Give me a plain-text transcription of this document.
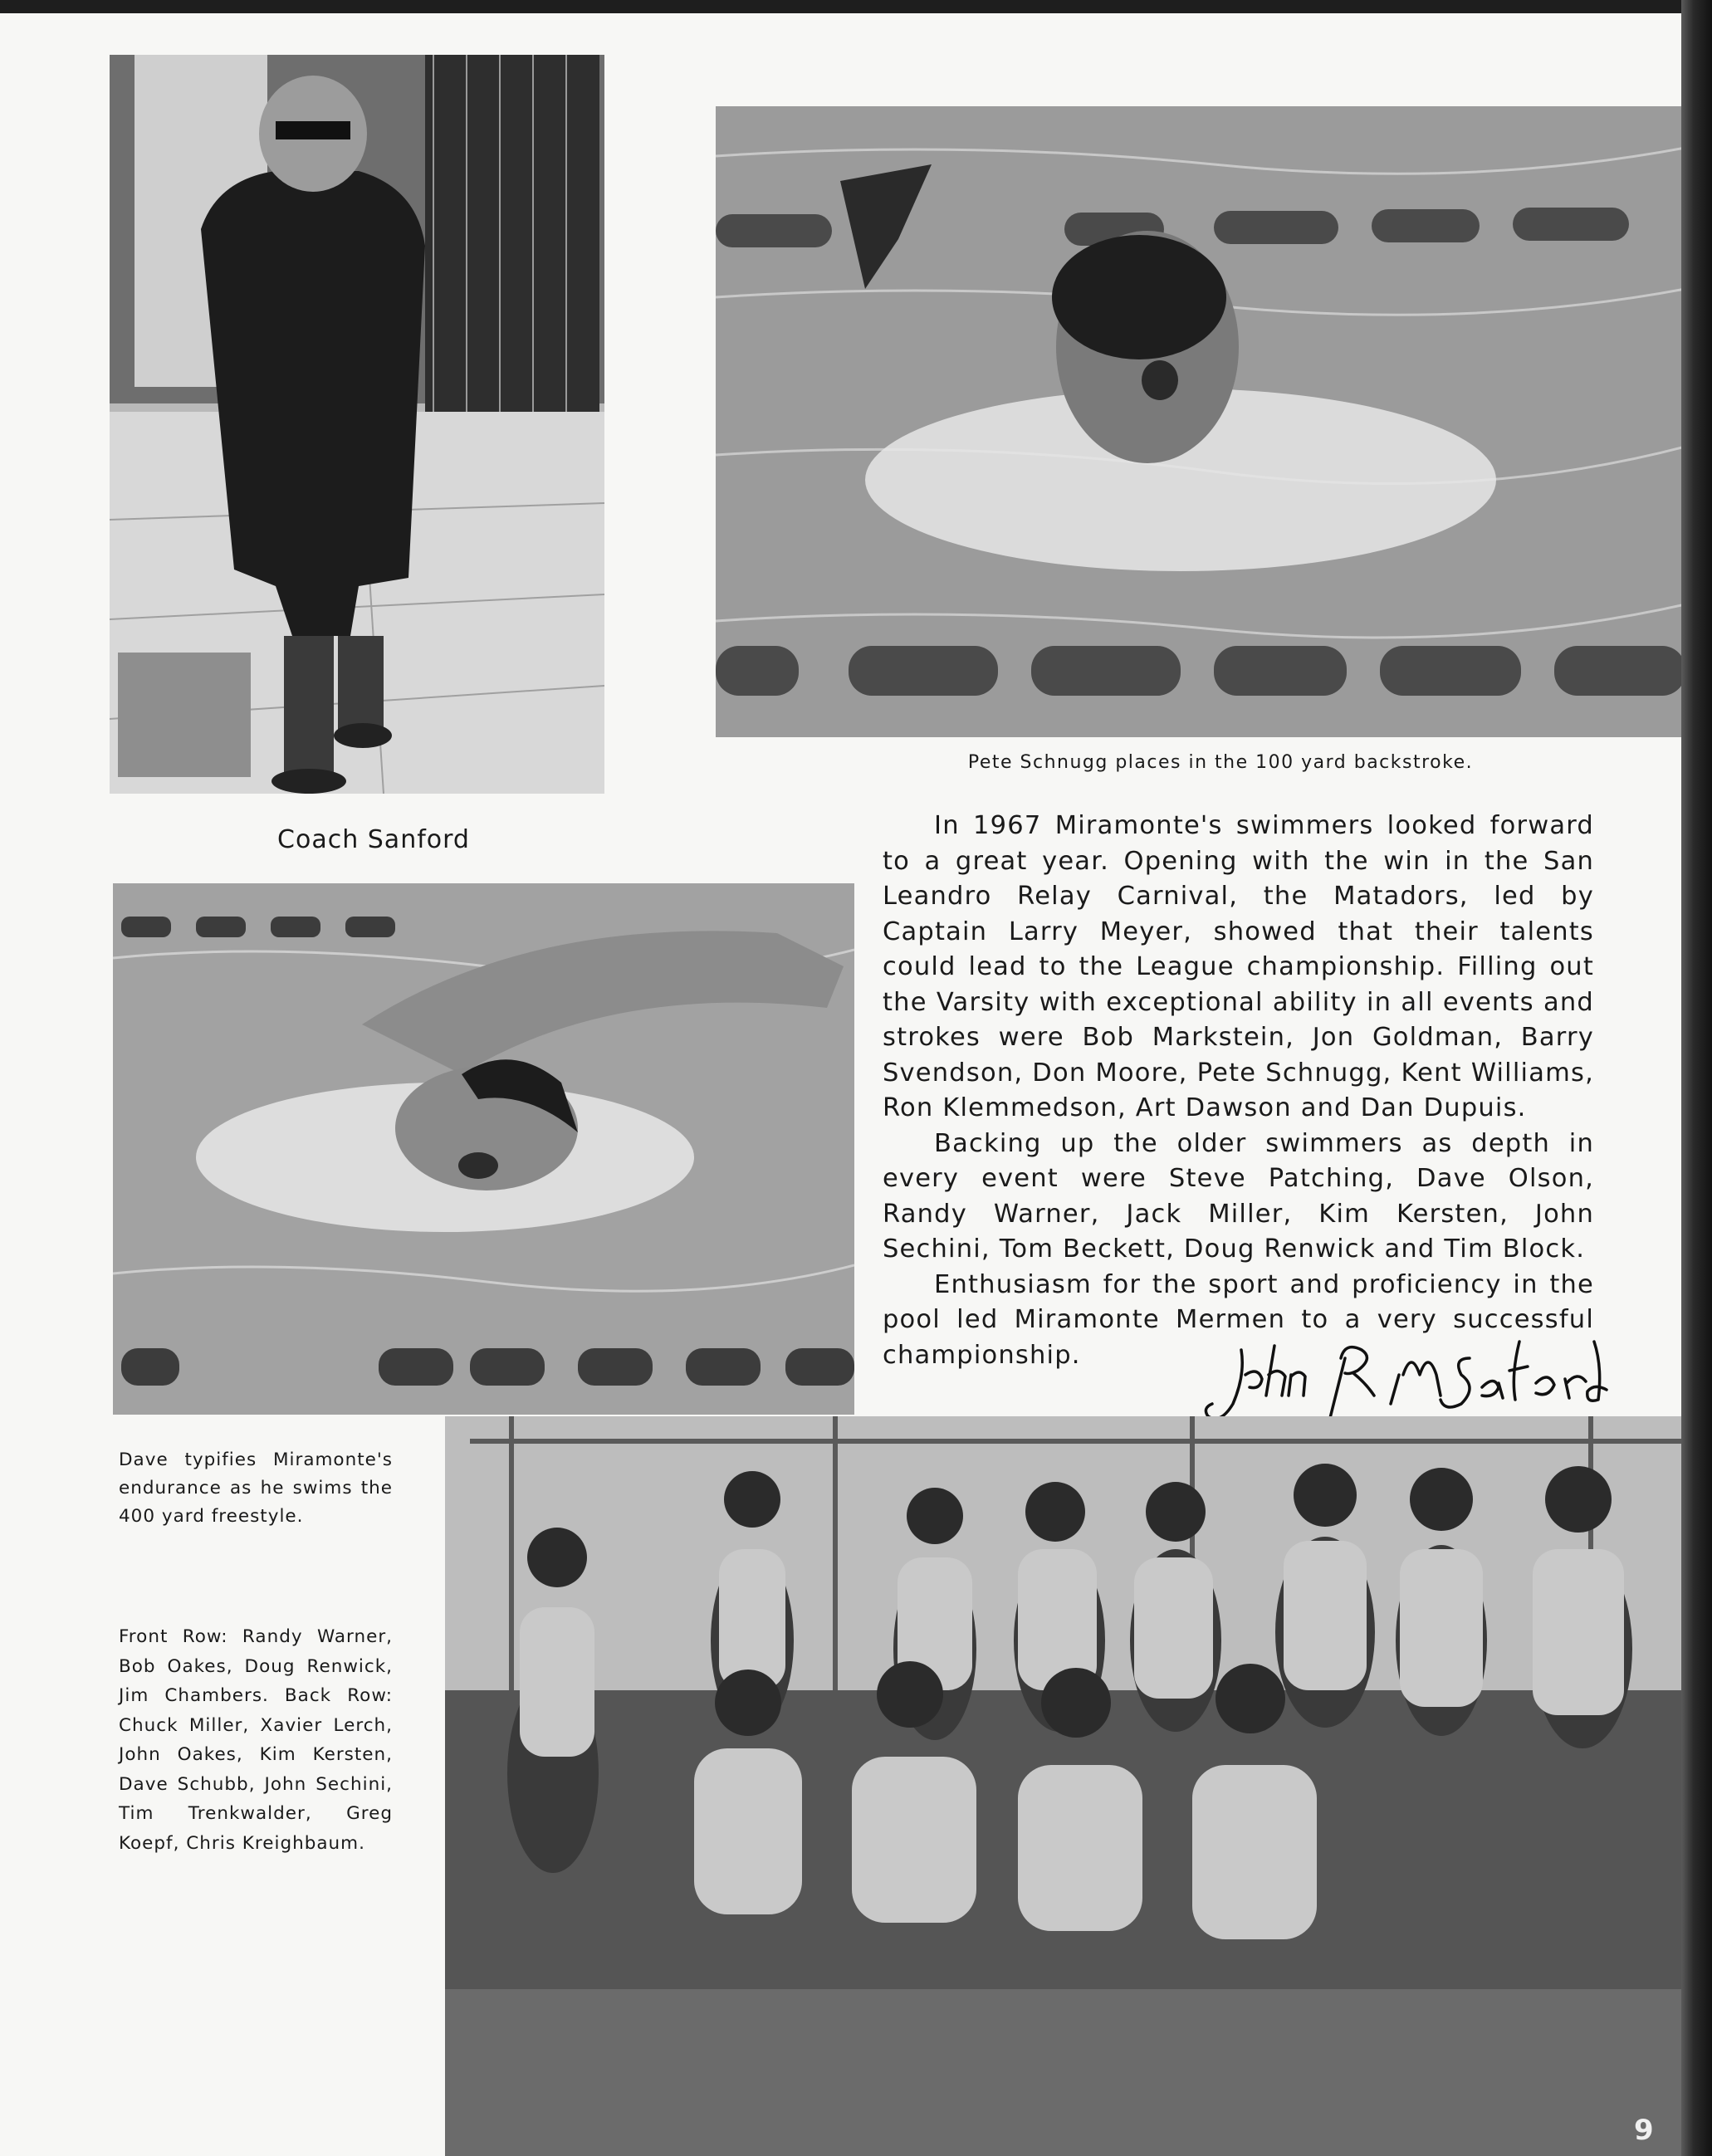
Coach Sanford
Pete Schnugg places in the 100 yard backstroke.
Dave typifies Miramonte's endurance as he swims the 400 yard freestyle.

In 1967 Miramonte's swimmers looked forward to a great year. Opening with the win in the San Leandro Relay Carnival, the Matadors, led by Captain Larry Meyer, showed that their talents could lead to the League championship. Filling out the Varsity with exceptional ability in all events and strokes were Bob Markstein, Jon Goldman, Barry Svendson, Don Moore, Pete Schnugg, Kent Williams, Ron Klemmedson, Art Dawson and Dan Dupuis.

Backing up the older swimmers as depth in every event were Steve Patching, Dave Olson, Randy Warner, Jack Miller, Kim Kersten, John Sechini, Tom Beckett, Doug Renwick and Tim Block.

Enthusiasm for the sport and proficiency in the pool led Miramonte Mermen to a very successful championship.

Front Row: Randy Warner, Bob Oakes, Doug Renwick, Jim Chambers. Back Row: Chuck Miller, Xavier Lerch, John Oakes, Kim Kersten, Dave Schubb, John Sechini, Tim Trenkwalder, Greg Koepf, Chris Kreighbaum.
9
